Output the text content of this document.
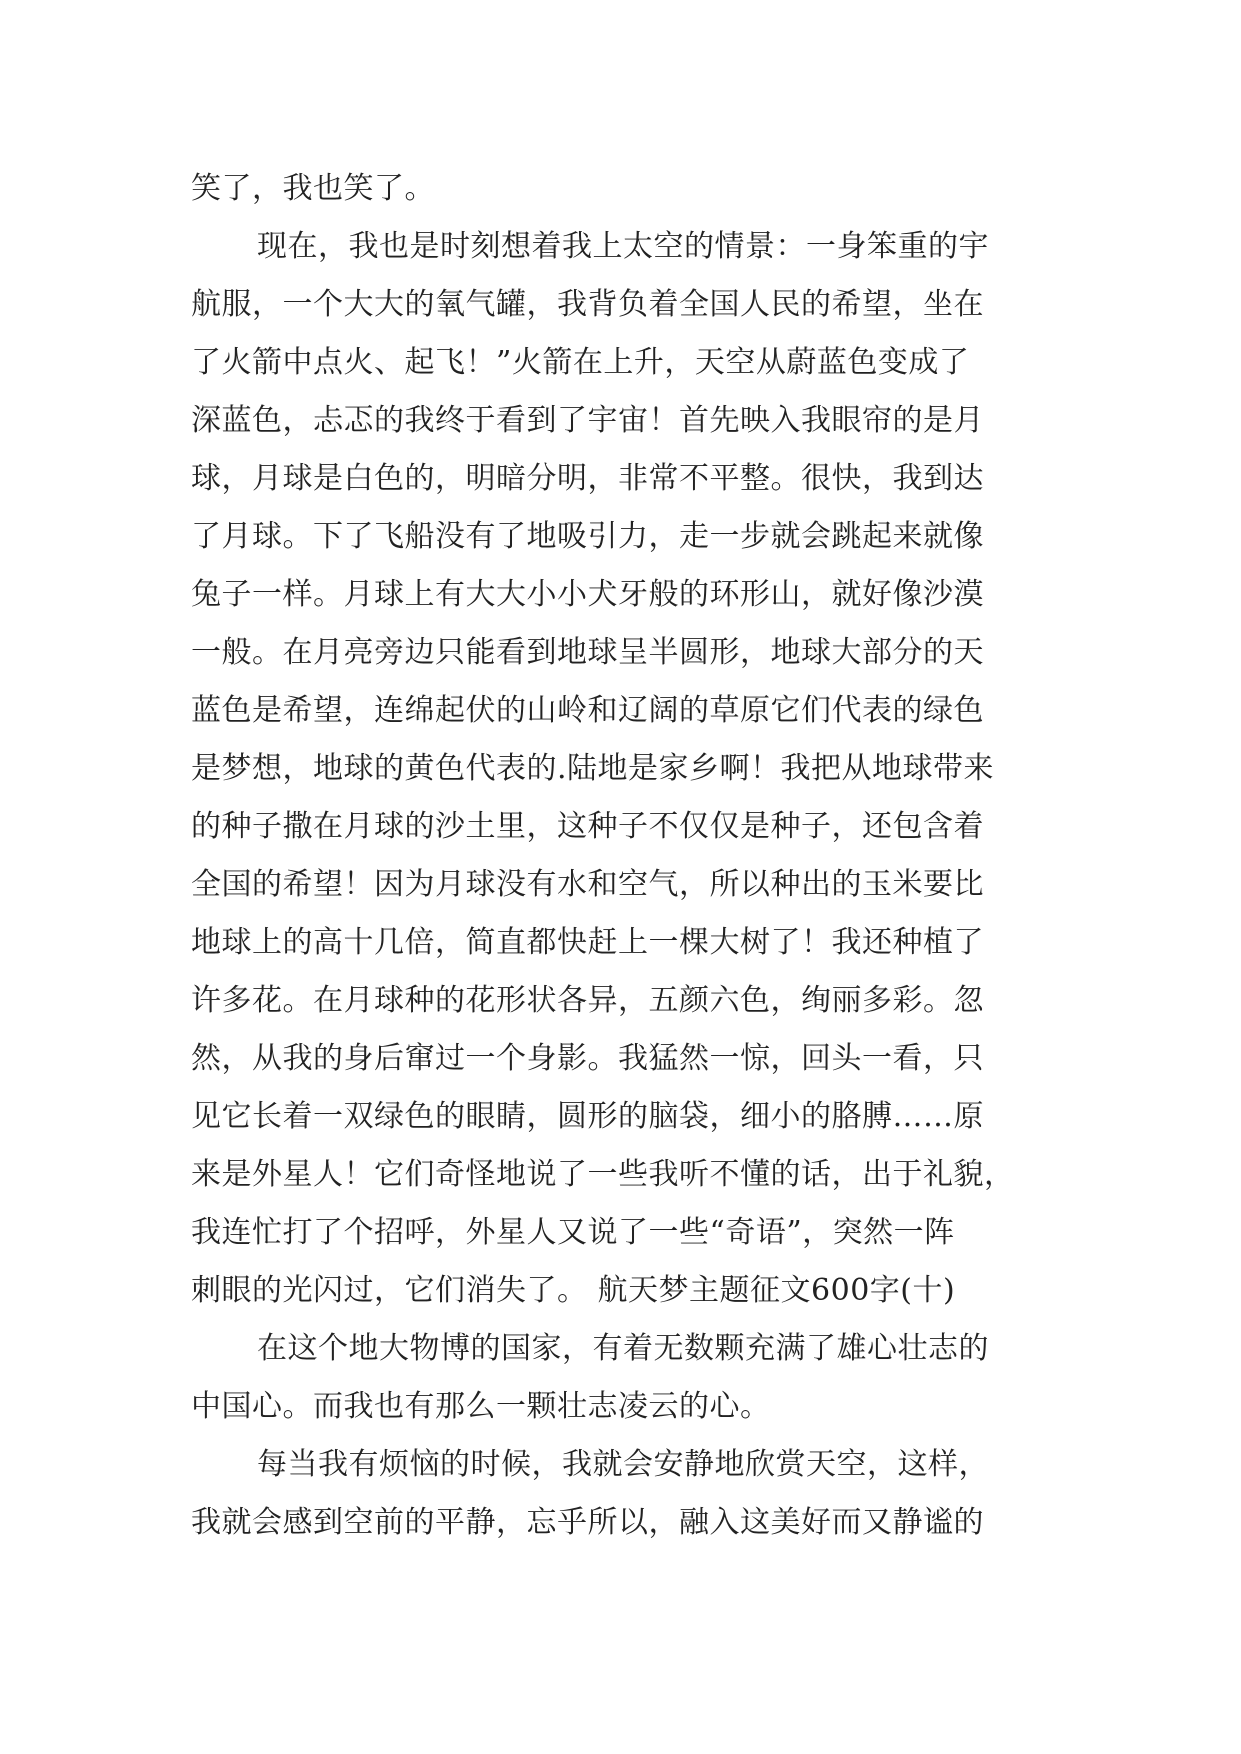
笑了，我也笑了。
现在，我也是时刻想着我上太空的情景：一身笨重的宇
航服，一个大大的氧气罐，我背负着全国人民的希望，坐在
了火箭中点火、起飞！”火箭在上升，天空从蔚蓝色变成了
深蓝色，忐忑的我终于看到了宇宙！首先映入我眼帘的是月
球，月球是白色的，明暗分明，非常不平整。很快，我到达
了月球。下了飞船没有了地吸引力，走一步就会跳起来就像
兔子一样。月球上有大大小小犬牙般的环形山，就好像沙漠
一般。在月亮旁边只能看到地球呈半圆形，地球大部分的天
蓝色是希望，连绵起伏的山岭和辽阔的草原它们代表的绿色
是梦想，地球的黄色代表的.陆地是家乡啊！我把从地球带来
的种子撒在月球的沙土里，这种子不仅仅是种子，还包含着
全国的希望！因为月球没有水和空气，所以种出的玉米要比
地球上的高十几倍，简直都快赶上一棵大树了！我还种植了
许多花。在月球种的花形状各异，五颜六色，绚丽多彩。忽
然，从我的身后窜过一个身影。我猛然一惊，回头一看，只
见它长着一双绿色的眼睛，圆形的脑袋，细小的胳膊……原
来是外星人！它们奇怪地说了一些我听不懂的话，出于礼貌，
我连忙打了个招呼，外星人又说了一些“奇语”，突然一阵
刺眼的光闪过，它们消失了。 航天梦主题征文600字(十)
在这个地大物博的国家，有着无数颗充满了雄心壮志的
中国心。而我也有那么一颗壮志凌云的心。
每当我有烦恼的时候，我就会安静地欣赏天空，这样，
我就会感到空前的平静，忘乎所以，融入这美好而又静谧的
